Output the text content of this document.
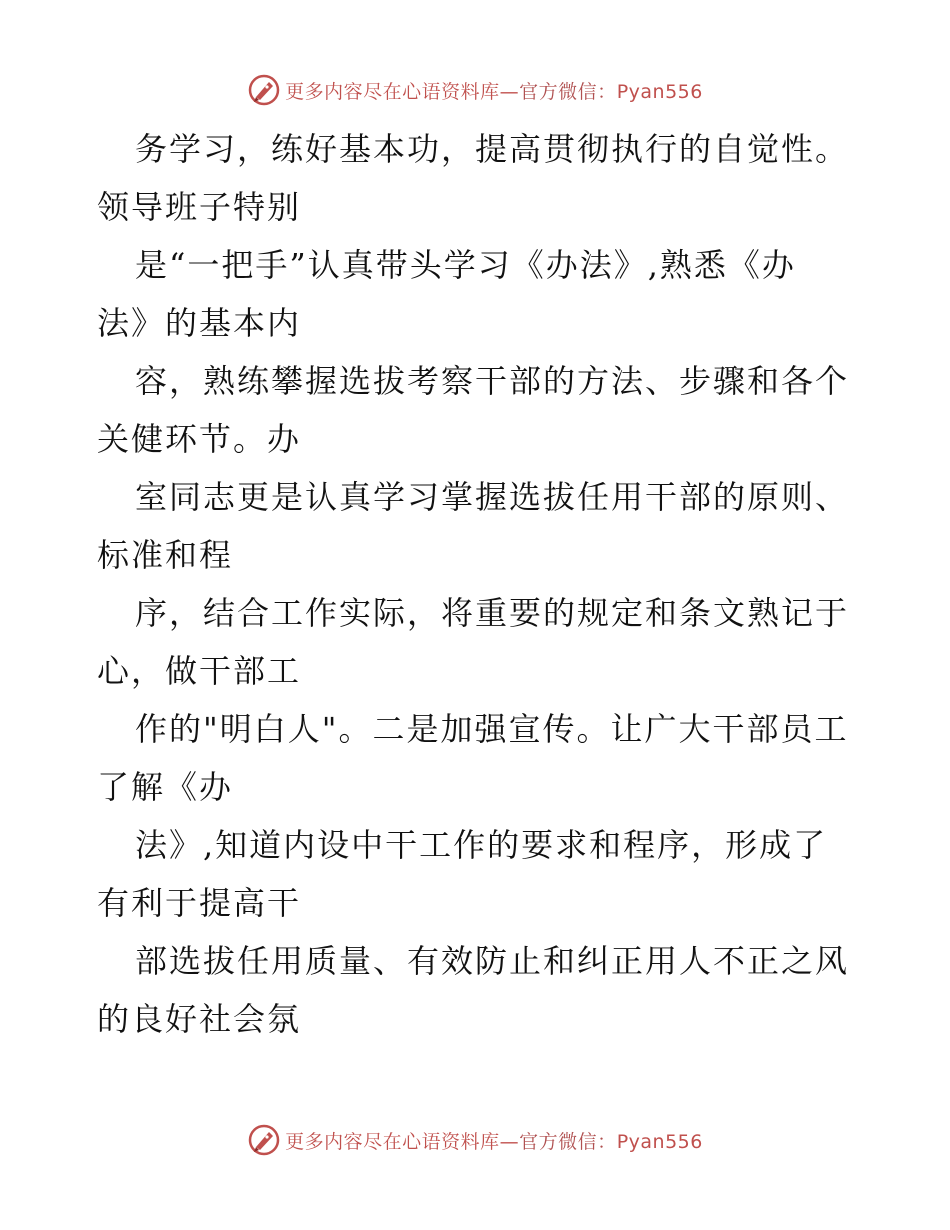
更多内容尽在心语资料库—官方微信：Pyan556
务学习，练好基本功，提高贯彻执行的自觉性。
领导班子特别
是“一把手”认真带头学习《办法》,熟悉《办
法》的基本内
容，熟练攀握选拔考察干部的方法、步骤和各个
关健环节。办
室同志更是认真学习掌握选拔任用干部的原则、
标准和程
序，结合工作实际，将重要的规定和条文熟记于
心，做干部工
作的"明白人"。二是加强宣传。让广大干部员工
了解《办
法》,知道内设中干工作的要求和程序，形成了
有利于提高干
部选拔任用质量、有效防止和纠正用人不正之风
的良好社会氛
更多内容尽在心语资料库—官方微信：Pyan556
